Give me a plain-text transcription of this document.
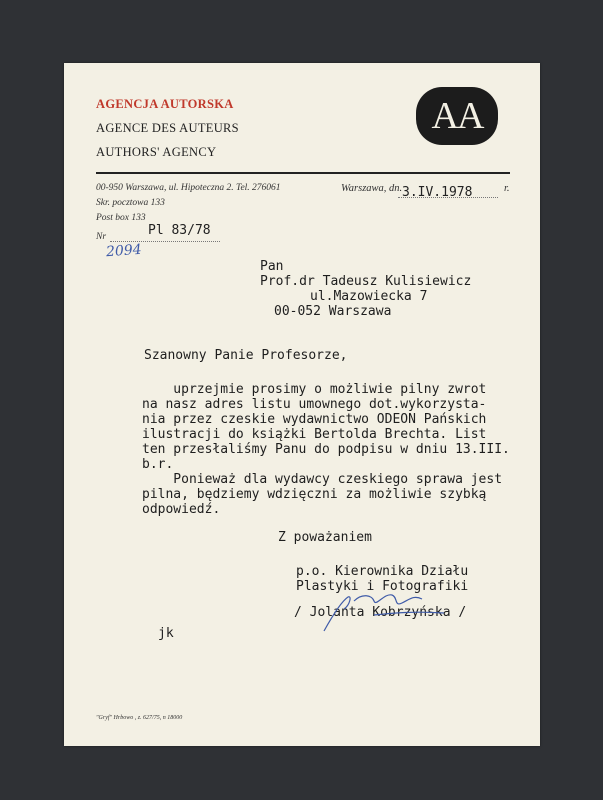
AGENCJA AUTORSKA
AGENCE DES AUTEURS
AUTHORS' AGENCY
AA
00-950 Warszawa, ul. Hipoteczna 2. Tel. 276061
Skr. pocztowa 133
Post box 133
Nr	Pl 83/78
2094
Warszawa, dn. 3.IV.1978	r.
Pan
Prof.dr Tadeusz Kulisiewicz
ul.Mazowiecka 7
00-052 Warszawa
Szanowny Panie Profesorze,
uprzejmie prosimy o możliwie pilny zwrot
na nasz adres listu umownego dot.wykorzysta-
nia przez czeskie wydawnictwo ODEON Pańskich
ilustracji do książki Bertolda Brechta. List
ten przesłaliśmy Panu do podpisu w dniu 13.III.
b.r.
Ponieważ dla wydawcy czeskiego sprawa jest
pilna, będziemy wdzięczni za możliwie szybką
odpowiedź.
Z poważaniem
p.o. Kierownika Działu
Plastyki i Fotografiki
/ Jolanta Kobrzyńska /
jk
"Gryf" Hrbowo , z. 627/75, n 18000
